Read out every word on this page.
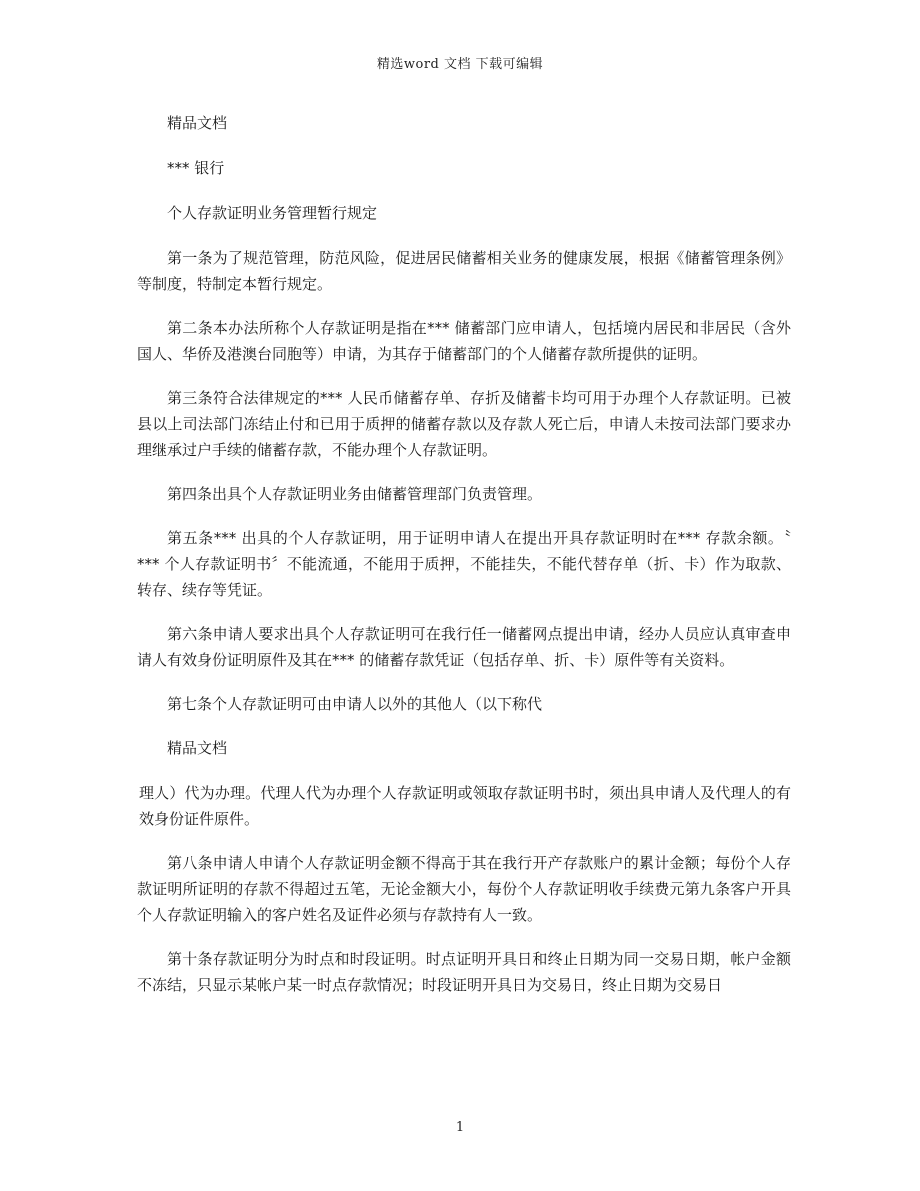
精选word 文档 下载可编辑

精品文档

*** 银行

个人存款证明业务管理暂行规定

第一条为了规范管理，防范风险，促进居民储蓄相关业务的健康发展，根据《储蓄管理条例》等制度，特制定本暂行规定。

第二条本办法所称个人存款证明是指在*** 储蓄部门应申请人，包括境内居民和非居民（含外国人、华侨及港澳台同胞等）申请，为其存于储蓄部门的个人储蓄存款所提供的证明。

第三条符合法律规定的*** 人民币储蓄存单、存折及储蓄卡均可用于办理个人存款证明。已被县以上司法部门冻结止付和已用于质押的储蓄存款以及存款人死亡后，申请人未按司法部门要求办理继承过户手续的储蓄存款，不能办理个人存款证明。

第四条出具个人存款证明业务由储蓄管理部门负责管理。

第五条*** 出具的个人存款证明，用于证明申请人在提出开具存款证明时在*** 存款余额。〝 *** 个人存款证明书〞不能流通，不能用于质押，不能挂失，不能代替存单（折、卡）作为取款、转存、续存等凭证。

第六条申请人要求出具个人存款证明可在我行任一储蓄网点提出申请，经办人员应认真审查申请人有效身份证明原件及其在*** 的储蓄存款凭证（包括存单、折、卡）原件等有关资料。

第七条个人存款证明可由申请人以外的其他人（以下称代

精品文档

理人）代为办理。代理人代为办理个人存款证明或领取存款证明书时，须出具申请人及代理人的有效身份证件原件。

第八条申请人申请个人存款证明金额不得高于其在我行开产存款账户的累计金额；每份个人存款证明所证明的存款不得超过五笔，无论金额大小，每份个人存款证明收手续费元第九条客户开具个人存款证明输入的客户姓名及证件必须与存款持有人一致。

第十条存款证明分为时点和时段证明。时点证明开具日和终止日期为同一交易日期，帐户金额不冻结，只显示某帐户某一时点存款情况；时段证明开具日为交易日，终止日期为交易日

1
